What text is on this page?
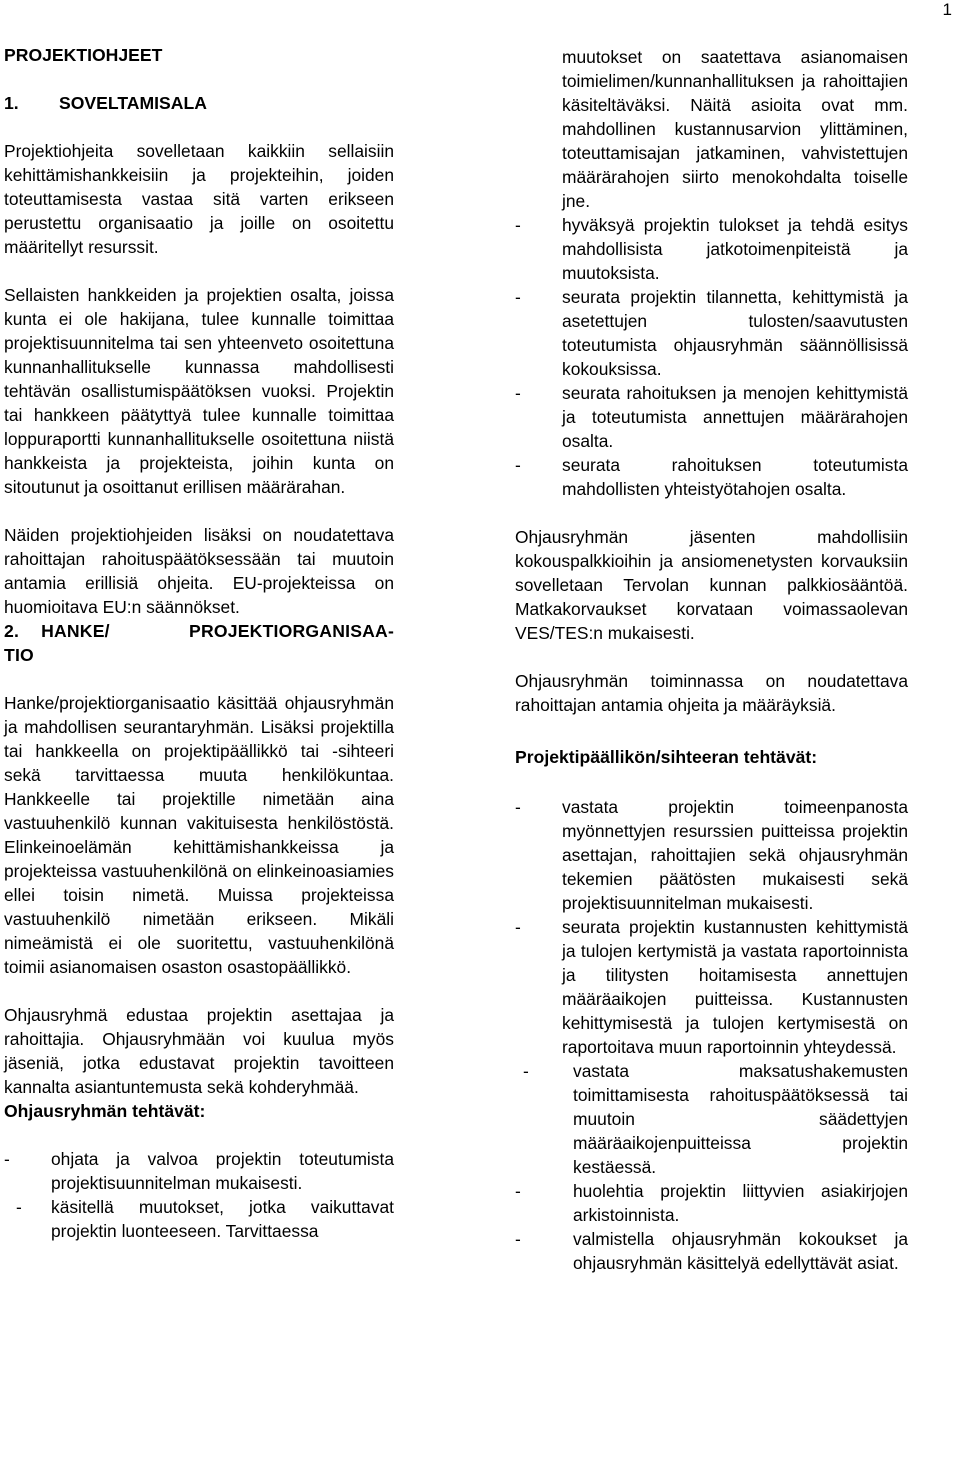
1
PROJEKTIOHJEET
1.	SOVELTAMISALA

Projektiohjeita sovelletaan kaikkiin sellaisiin kehittämishankkeisiin ja projekteihin, joiden toteuttamisesta vastaa sitä varten erikseen perustettu organisaatio ja joille on osoitettu määritellyt resurssit.

Sellaisten hankkeiden ja projektien osalta, joissa kunta ei ole hakijana, tulee kunnalle toimittaa projektisuunnitelma tai sen yhteenveto osoitettuna kunnanhallitukselle kunnassa mahdollisesti tehtävän osallistumispäätöksen vuoksi. Projektin tai hankkeen päätyttyä tulee kunnalle toimittaa loppuraportti kunnanhallitukselle osoitettuna niistä hankkeista ja projekteista, joihin kunta on sitoutunut ja osoittanut erillisen määrärahan.

Näiden projektiohjeiden lisäksi on noudatettava rahoittajan rahoituspäätöksessään tai muutoin antamia erillisiä ohjeita. EU-projekteissa on huomioitava EU:n säännökset.

2. HANKE/ PROJEKTIORGANISAA-
TIO

Hanke/projektiorganisaatio käsittää ohjausryhmän ja mahdollisen seurantaryhmän. Lisäksi projektilla tai hankkeella on projektipäällikkö tai -sihteeri sekä tarvittaessa muuta henkilökuntaa. Hankkeelle tai projektille nimetään aina vastuuhenkilö kunnan vakituisesta henkilöstöstä. Elinkeinoelämän kehittämishankkeissa ja projekteissa vastuuhenkilönä on elinkeinoasiamies ellei toisin nimetä. Muissa projekteissa vastuuhenkilö nimetään erikseen. Mikäli nimeämistä ei ole suoritettu, vastuuhenkilönä toimii asianomaisen osaston osastopäällikkö.

Ohjausryhmä edustaa projektin asettajaa ja rahoittajia. Ohjausryhmään voi kuulua myös jäseniä, jotka edustavat projektin tavoitteen kannalta asiantuntemusta sekä kohderyhmää.

Ohjausryhmän tehtävät:
-	ohjata ja valvoa projektin toteutumista projektisuunnitelman mukaisesti.
-	käsitellä muutokset, jotka vaikuttavat projektin luonteeseen. Tarvittaessa

muutokset on saatettava asianomaisen toimielimen/kunnanhallituksen ja rahoittajien käsiteltäväksi. Näitä asioita ovat mm. mahdollinen kustannusarvion ylittäminen, toteuttamisajan jatkaminen, vahvistettujen määrärahojen siirto menokohdalta toiselle jne.

-	hyväksyä projektin tulokset ja tehdä esitys mahdollisista jatkotoimenpiteistä ja muutoksista.
-	seurata projektin tilannetta, kehittymistä ja asetettujen tulosten/saavutusten toteutumista ohjausryhmän säännöllisissä kokouksissa.
-	seurata rahoituksen ja menojen kehittymistä ja toteutumista annettujen määrärahojen osalta.
-	seurata rahoituksen toteutumista mahdollisten yhteistyötahojen osalta.

Ohjausryhmän jäsenten mahdollisiin kokouspalkkioihin ja ansiomenetysten korvauksiin sovelletaan Tervolan kunnan palkkiosääntöä. Matkakorvaukset korvataan voimassaolevan VES/TES:n mukaisesti.

Ohjausryhmän toiminnassa on noudatettava rahoittajan antamia ohjeita ja määräyksiä.

Projektipäällikön/sihteeran tehtävät:
-	vastata projektin toimeenpanosta myönnettyjen resurssien puitteissa projektin asettajan, rahoittajien sekä ohjausryhmän tekemien päätösten mukaisesti sekä projektisuunnitelman mukaisesti.
-	seurata projektin kustannusten kehittymistä ja tulojen kertymistä ja vastata raportoinnista ja tilitysten hoitamisesta annettujen määräaikojen puitteissa. Kustannusten kehittymisestä ja tulojen kertymisestä on raportoitava muun raportoinnin yhteydessä.
-	vastata maksatushakemusten toimittamisesta rahoituspäätöksessä tai muutoin säädettyjen määräaikojenpuitteissa projektin kestäessä.
-	huolehtia projektin liittyvien asiakirjojen arkistoinnista.
-	valmistella ohjausryhmän kokoukset ja ohjausryhmän käsittelyä edellyttävät asiat.
